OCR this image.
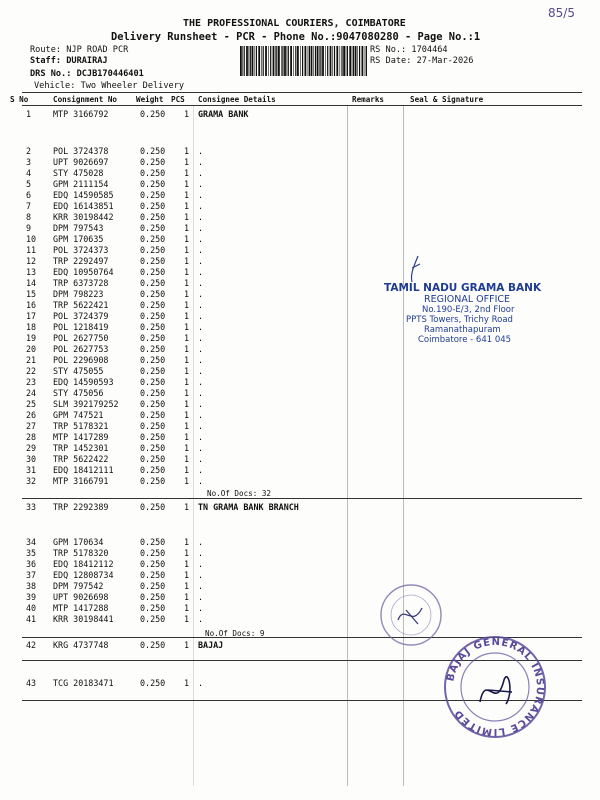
THE PROFESSIONAL COURIERS, COIMBATORE
Delivery Runsheet - PCR - Phone No.:9047080280 - Page No.:1
85/5
Route: NJP ROAD PCR
Staff: DURAIRAJ
DRS No.: DCJB170446401
Vehicle: Two Wheeler Delivery
RS No.: 1704464
RS Date: 27-Mar-2026
S No	Consignment No Weight PCS Consignee Details	Remarks	Seal & Signature
1	MTP 3166792	0.250 1 GRAMA BANK
2	POL 3724378	0.250 1 .
3	UPT 9026697	0.250 1 .
4	STY 475028	0.250 1 .
5	GPM 2111154	0.250 1 .
6	EDQ 14590585	0.250 1 .
7	EDQ 16143851	0.250 1 .
8	KRR 30198442	0.250 1 .
9	DPM 797543	0.250 1 .
10 GPM 170635	0.250 1 .
11 POL 3724373	0.250 1 .
12 TRP 2292497	0.250 1 .
13 EDQ 10950764	0.250 1 .
14 TRP 6373728	0.250 1 .
15 DPM 798223	0.250 1 .
16 TRP 5622421	0.250 1 .
17 POL 3724379	0.250 1 .
18 POL 1218419	0.250 1 .
19 POL 2627750	0.250 1 .
20 POL 2627753	0.250 1 .
21 POL 2296908	0.250 1 .
22 STY 475055	0.250 1 .
23 EDQ 14590593	0.250 1 .
24 STY 475056	0.250 1 .
25 SLM 392179252	0.250 1 .
26 GPM 747521	0.250 1 .
27 TRP 5178321	0.250 1 .
28 MTP 1417289	0.250 1 .
29 TRP 1452301	0.250 1 .
30 TRP 5622422	0.250 1 .
31 EDQ 18412111	0.250 1 .
32 MTP 3166791	0.250 1 .
33 TRP 2292389	0.250 1 TN GRAMA BANK BRANCH
34 GPM 170634	0.250 1 .
35 TRP 5178320	0.250 1 .
36 EDQ 18412112	0.250 1 .
37 EDQ 12808734	0.250 1 .
38 DPM 797542	0.250 1 .
39 UPT 9026698	0.250 1 .
40 MTP 1417288	0.250 1 .
41 KRR 30198441	0.250 1 .
42 KRG 4737748	0.250 1 BAJAJ
43 TCG 20183471	0.250 1 .
No.Of Docs: 32
No.Of Docs: 9
TAMIL NADU GRAMA BANK
REGIONAL OFFICE
No.190-E/3, 2nd Floor
PPTS Towers, Trichy Road
Ramanathapuram
Coimbatore - 641 045
BAJAJ GENERAL INSURANCE LIMITED
